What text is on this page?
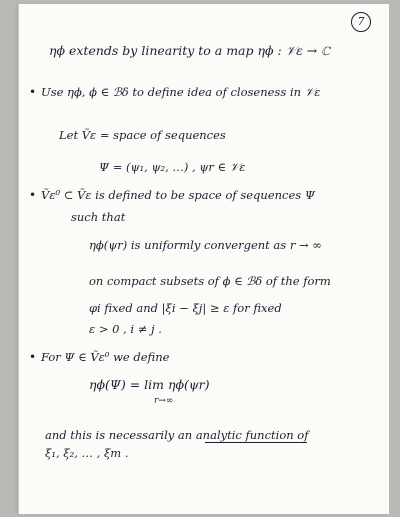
7
ηϕ extends by linearity to a map ηϕ : 𝒱ε → ℂ
• Use ηϕ, ϕ ∈ ℬδ to define idea of closeness in 𝒱ε
Let Ṽε = space of sequences
Ψ = (ψ₁, ψ₂, …) , ψr ∈ 𝒱ε
• Ṽε⁰ ⊂ Ṽε is defined to be space of sequences Ψ
such that
ηϕ(ψr) is uniformly convergent as r → ∞
on compact subsets of ϕ ∈ ℬδ of the form
φi fixed and |ξi − ξj| ≥ ε for fixed
ε > 0 , i ≠ j .
• For Ψ ∈ Ṽε⁰ we define
ηϕ(Ψ) = lim ηϕ(ψr)
r→∞
and this is necessarily an analytic function of
ξ₁, ξ₂, … , ξm .
